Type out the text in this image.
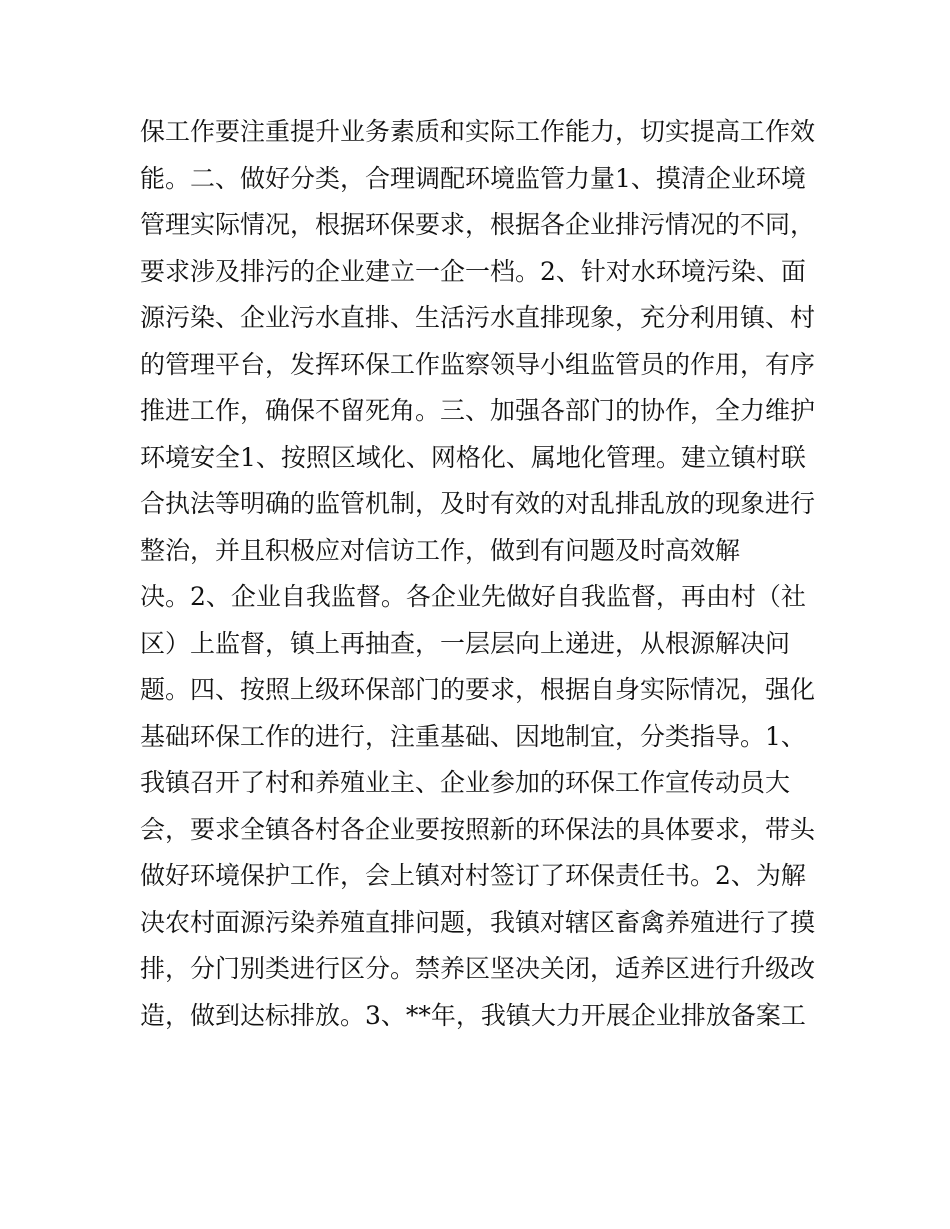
保工作要注重提升业务素质和实际工作能力，切实提高工作效
能。二、做好分类，合理调配环境监管力量1、摸清企业环境
管理实际情况，根据环保要求，根据各企业排污情况的不同，
要求涉及排污的企业建立一企一档。2、针对水环境污染、面
源污染、企业污水直排、生活污水直排现象，充分利用镇、村
的管理平台，发挥环保工作监察领导小组监管员的作用，有序
推进工作，确保不留死角。三、加强各部门的协作，全力维护
环境安全1、按照区域化、网格化、属地化管理。建立镇村联
合执法等明确的监管机制，及时有效的对乱排乱放的现象进行
整治，并且积极应对信访工作，做到有问题及时高效解
决。2、企业自我监督。各企业先做好自我监督，再由村（社
区）上监督，镇上再抽查，一层层向上递进，从根源解决问
题。四、按照上级环保部门的要求，根据自身实际情况，强化
基础环保工作的进行，注重基础、因地制宜，分类指导。1、
我镇召开了村和养殖业主、企业参加的环保工作宣传动员大
会，要求全镇各村各企业要按照新的环保法的具体要求，带头
做好环境保护工作，会上镇对村签订了环保责任书。2、为解
决农村面源污染养殖直排问题，我镇对辖区畜禽养殖进行了摸
排，分门别类进行区分。禁养区坚决关闭，适养区进行升级改
造，做到达标排放。3、**年，我镇大力开展企业排放备案工
